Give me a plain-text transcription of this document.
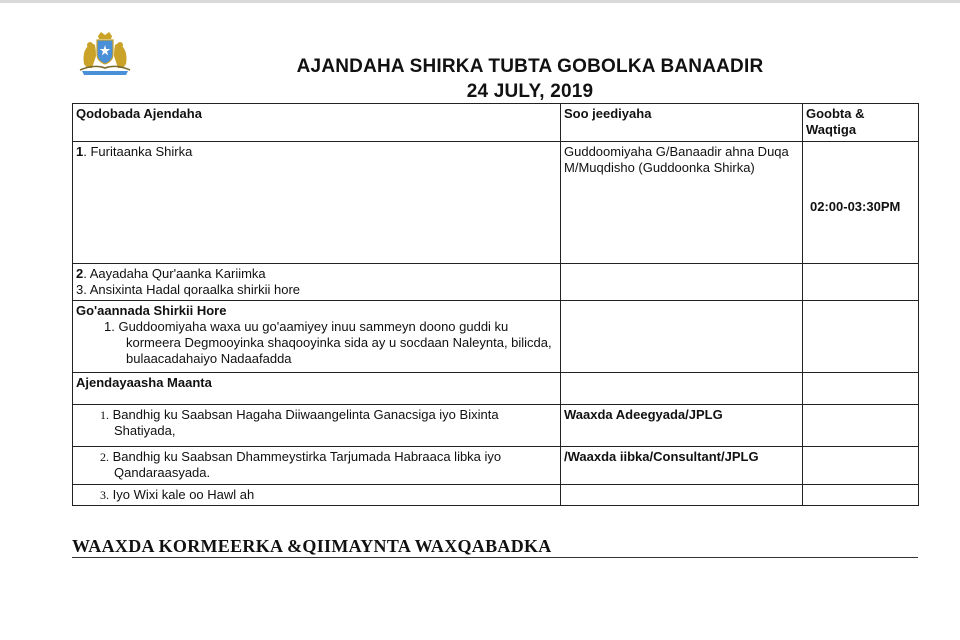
AJANDAHA SHIRKA TUBTA GOBOLKA BANAADIR
24 JULY, 2019
Qodobada Ajendaha	Soo jeediyaha	Goobta & Waqtiga
1. Furitaanka Shirka	Guddoomiyaha G/Banaadir ahna Duqa M/Muqdisho (Guddoonka Shirka)	02:00-03:30PM

2. Aayadaha Qur'aanka Kariimka
3. Ansixinta Hadal qoraalka shirkii hore		

Go'aannada Shirkii Hore
1. Guddoomiyaha waxa uu go'aamiyey inuu sammeyn doono guddi ku kormeera Degmooyinka shaqooyinka sida ay u socdaan Naleynta, bilicda, bulaacadahaiyo Nadaafadda		

Ajendayaasha Maanta		

1. Bandhig ku Saabsan Hagaha Diiwaangelinta Ganacsiga iyo Bixinta Shatiyada,	Waaxda Adeegyada/JPLG	

2. Bandhig ku Saabsan Dhammeystirka Tarjumada Habraaca libka iyo Qandaraasyada.	/Waaxda iibka/Consultant/JPLG	

3. Iyo Wixi kale oo Hawl ah		

WAAXDA KORMEERKA &QIIMAYNTA WAXQABADKA
